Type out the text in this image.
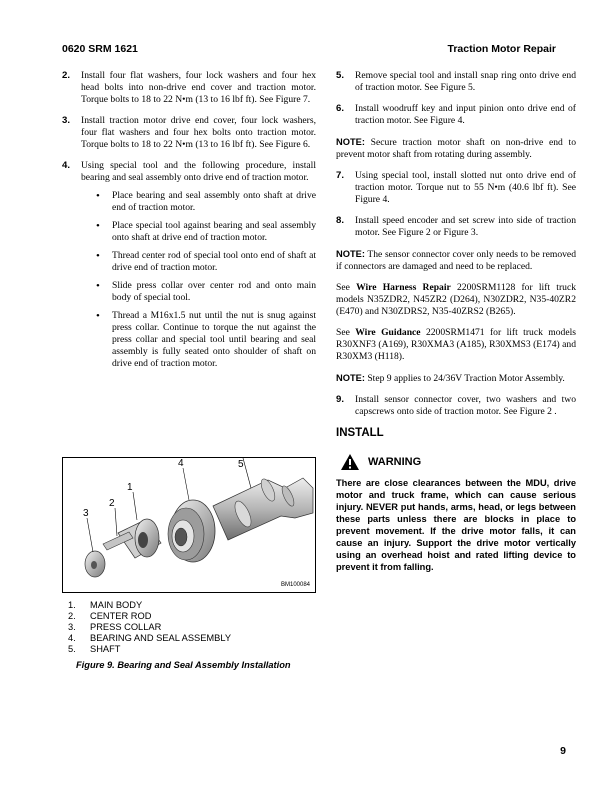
0620 SRM 1621	Traction Motor Repair
2.	Install four flat washers, four lock washers and four hex head bolts into non-drive end cover and traction motor. Torque bolts to 18 to 22 N•m (13 to 16 lbf ft). See Figure 7.
3.	Install traction motor drive end cover, four lock washers, four flat washers and four hex bolts onto traction motor. Torque bolts to 18 to 22 N•m (13 to 16 lbf ft). See Figure 6.
4.	Using special tool and the following procedure, install bearing and seal assembly onto drive end of traction motor.
•	Place bearing and seal assembly onto shaft at drive end of traction motor.
•	Place special tool against bearing and seal assembly onto shaft at drive end of traction motor.
•	Thread center rod of special tool onto end of shaft at drive end of traction motor.
•	Slide press collar over center rod and onto main body of special tool.
•	Thread a M16x1.5 nut until the nut is snug against press collar. Continue to torque the nut against the press collar and special tool until bearing and seal assembly is fully seated onto shoulder of shaft on drive end of traction motor.
1
2
3
4	5
BM100084
1.	MAIN BODY
2.	CENTER ROD
3.	PRESS COLLAR
4.	BEARING AND SEAL ASSEMBLY
5.	SHAFT
Figure 9. Bearing and Seal Assembly Installation
5.	Remove special tool and install snap ring onto drive end of traction motor. See Figure 5.
6.	Install woodruff key and input pinion onto drive end of traction motor. See Figure 4.

NOTE: Secure traction motor shaft on non-drive end to prevent motor shaft from rotating during assembly.

7.	Using special tool, install slotted nut onto drive end of traction motor. Torque nut to 55 N•m (40.6 lbf ft). See Figure 4.
8.	Install speed encoder and set screw into side of traction motor. See Figure 2 or Figure 3.

NOTE: The sensor connector cover only needs to be removed if connectors are damaged and need to be replaced.

See Wire Harness Repair 2200SRM1128 for lift truck models N35ZDR2, N45ZR2 (D264), N30ZDR2, N35-40ZR2 (E470) and N30ZDRS2, N35-40ZRS2 (B265).

See Wire Guidance 2200SRM1471 for lift truck models R30XNF3 (A169), R30XMA3 (A185), R30XMS3 (E174) and R30XM3 (H118).

NOTE: Step 9 applies to 24/36V Traction Motor Assembly.

9.	Install sensor connector cover, two washers and two capscrews onto side of traction motor. See Figure 2 .
INSTALL
WARNING
There are close clearances between the MDU, drive motor and truck frame, which can cause serious injury. NEVER put hands, arms, head, or legs between these parts unless there are blocks in place to prevent movement. If the drive motor falls, it can cause an injury. Support the drive motor vertically using an overhead hoist and rated lifting device to prevent it from falling.
9
